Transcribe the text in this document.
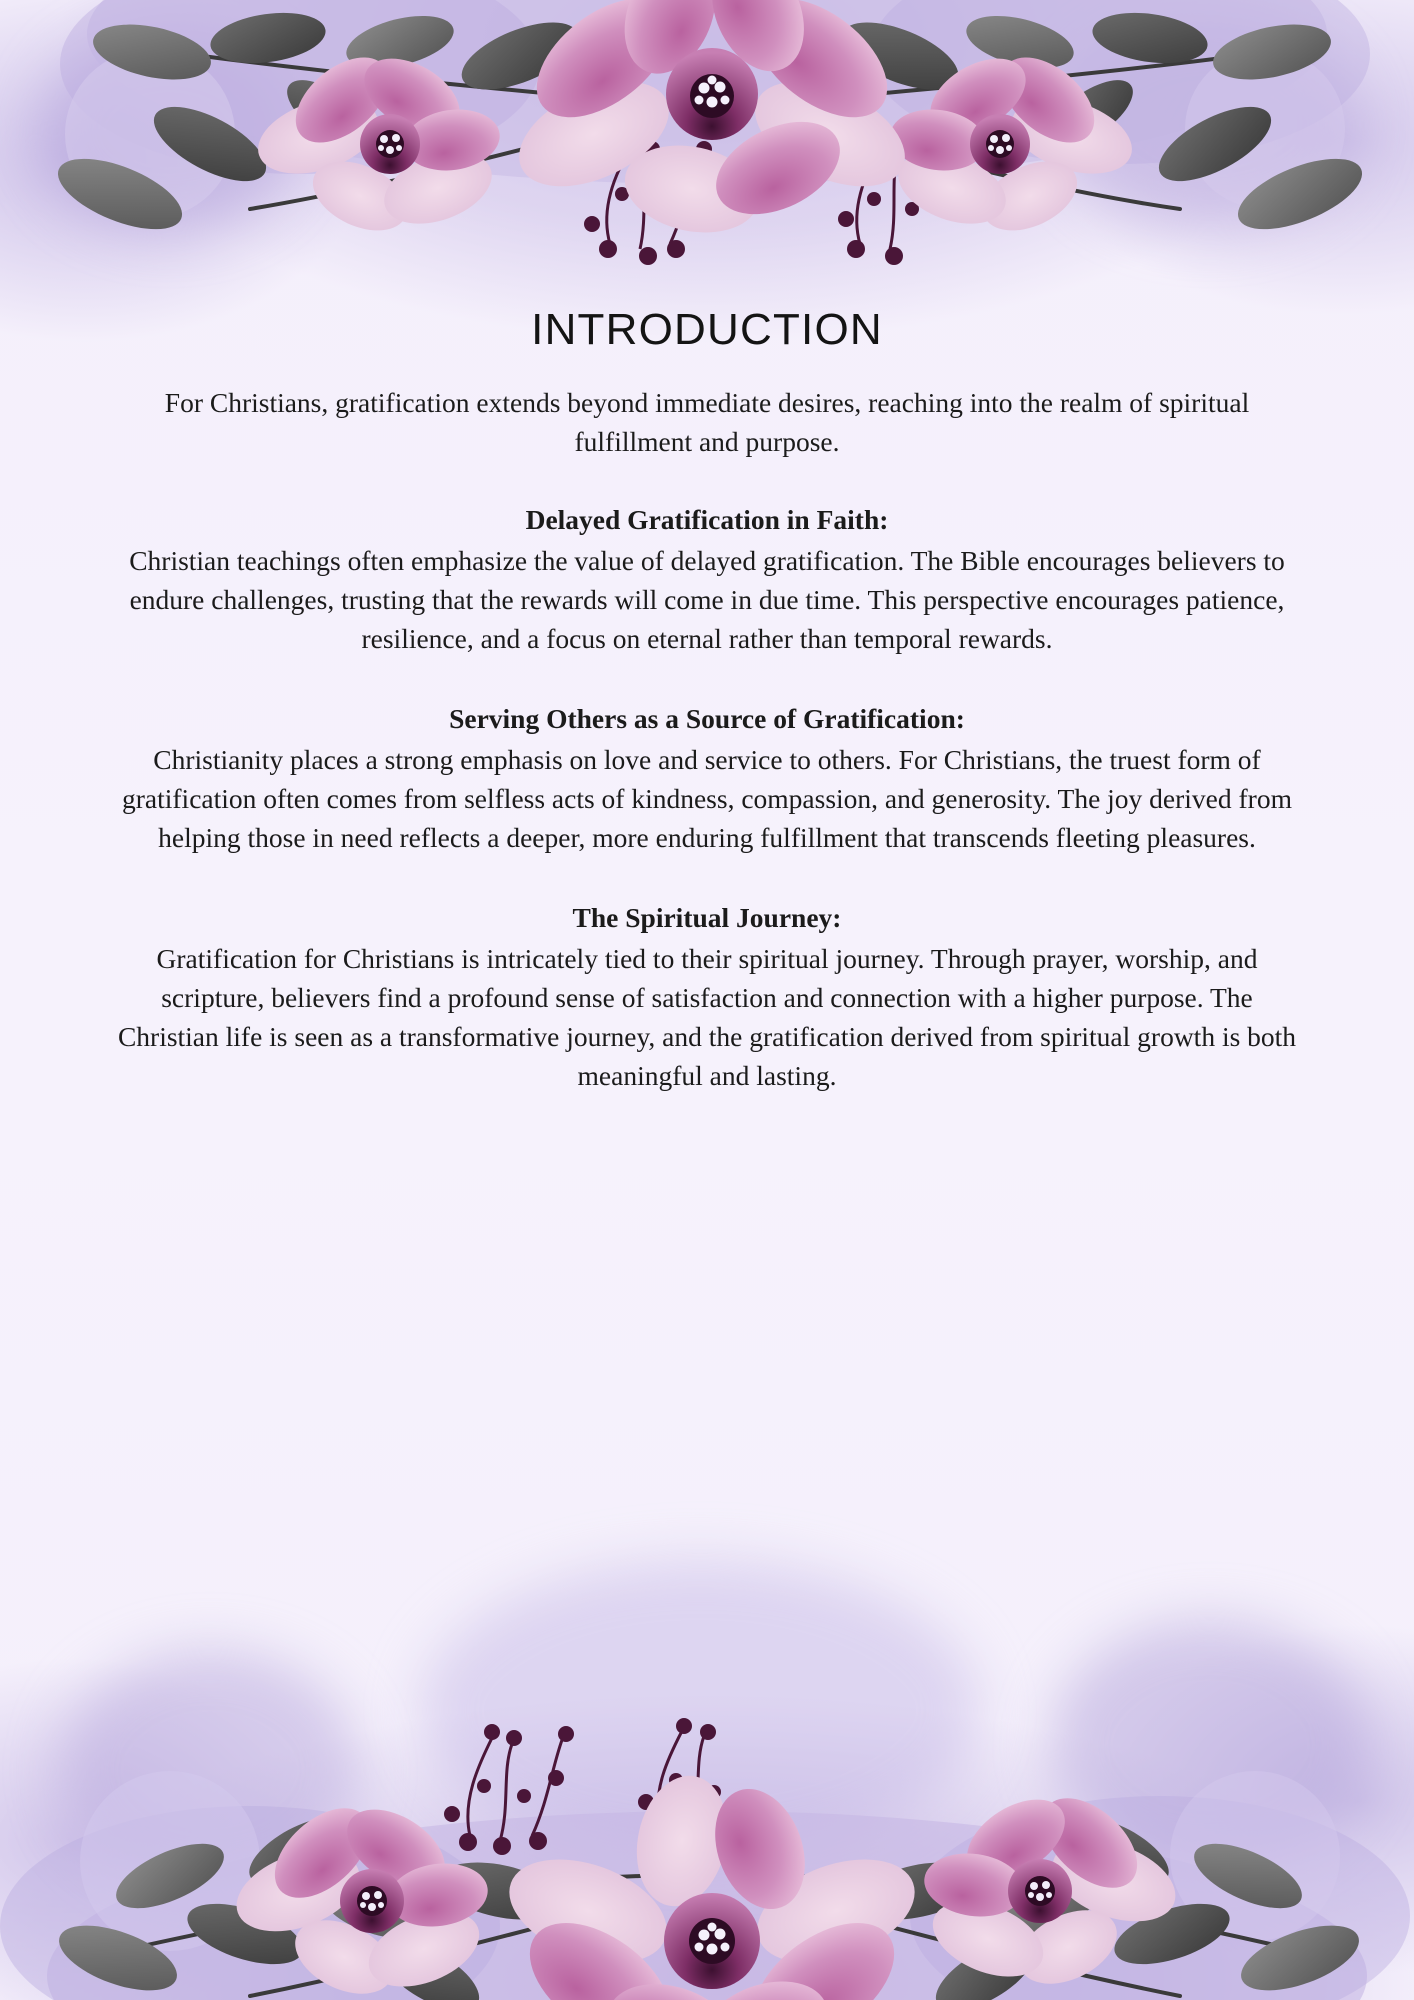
INTRODUCTION

For Christians, gratification extends beyond immediate desires, reaching into the realm of spiritual fulfillment and purpose.

Delayed Gratification in Faith:

Christian teachings often emphasize the value of delayed gratification. The Bible encourages believers to endure challenges, trusting that the rewards will come in due time. This perspective encourages patience, resilience, and a focus on eternal rather than temporal rewards.

Serving Others as a Source of Gratification:

Christianity places a strong emphasis on love and service to others. For Christians, the truest form of gratification often comes from selfless acts of kindness, compassion, and generosity. The joy derived from helping those in need reflects a deeper, more enduring fulfillment that transcends fleeting pleasures.

The Spiritual Journey:

Gratification for Christians is intricately tied to their spiritual journey. Through prayer, worship, and scripture, believers find a profound sense of satisfaction and connection with a higher purpose. The Christian life is seen as a transformative journey, and the gratification derived from spiritual growth is both meaningful and lasting.
